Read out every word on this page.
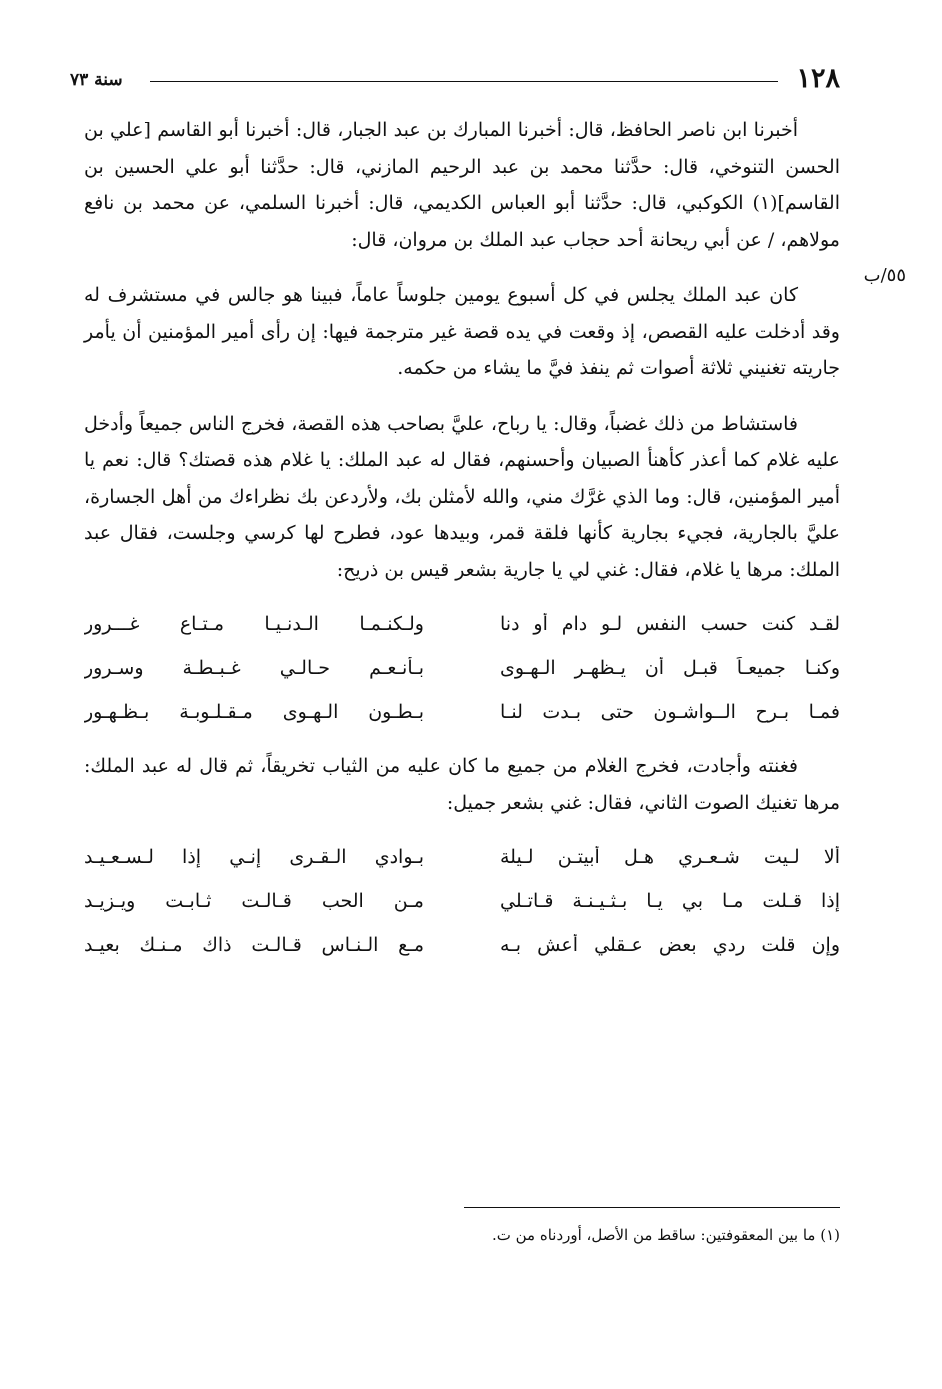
١٢٨
سنة ٧٣
٥٥/ب

أخبرنا ابن ناصر الحافظ، قال: أخبرنا المبارك بن عبد الجبار، قال: أخبرنا أبو القاسم [علي بن الحسن التنوخي، قال: حدَّثنا محمد بن عبد الرحيم المازني، قال: حدَّثنا أبو علي الحسين بن القاسم](١) الكوكبي، قال: حدَّثنا أبو العباس الكديمي، قال: أخبرنا السلمي، عن محمد بن نافع مولاهم، / عن أبي ريحانة أحد حجاب عبد الملك بن مروان، قال:

كان عبد الملك يجلس في كل أسبوع يومين جلوساً عاماً، فبينا هو جالس في مستشرف له وقد أدخلت عليه القصص، إذ وقعت في يده قصة غير مترجمة فيها: إن رأى أمير المؤمنين أن يأمر جاريته تغنيني ثلاثة أصوات ثم ينفذ فيَّ ما يشاء من حكمه.

فاستشاط من ذلك غضباً، وقال: يا رباح، عليَّ بصاحب هذه القصة، فخرج الناس جميعاً وأدخل عليه غلام كما أعذر كأهنأ الصبيان وأحسنهم، فقال له عبد الملك: يا غلام هذه قصتك؟ قال: نعم يا أمير المؤمنين، قال: وما الذي غرَّك مني، والله لأمثلن بك، ولأردعن بك نظراءك من أهل الجسارة، عليَّ بالجارية، فجيء بجارية كأنها فلقة قمر، وبيدها عود، فطرح لها كرسي وجلست، فقال عبد الملك: مرها يا غلام، فقال: غني لي يا جارية بشعر قيس بن ذريح:

لقـد كنت حسب النفس لـو دام أو دنا
ولـكنـمـا الـدنـيـا مـتـاع غـــرور
وكنـا جميعـاً قبـل أن يـظهـر الـهـوى
بـأنـعـم حـالـي غـبـطـة وسـرور
فمـا بـرح الــواشـون حتى بـدت لنـا
بـطـون الـهـوى مـقـلـوبـة بـظـهـور

فغنته وأجادت، فخرج الغلام من جميع ما كان عليه من الثياب تخريقاً، ثم قال له عبد الملك: مرها تغنيك الصوت الثاني، فقال: غني بشعر جميل:

ألا لـيت شـعـري هـل أبيتـن لـيلة
بـوادي الـقـرى إنـي إذا لـسـعـيـد
إذا قـلت مـا بي يـا بـثـيـنـة قـاتـلي
مـن الحب قـالـت ثـابـت ويـزيـد
وإن قلت ردي بعض عـقلي أعش بـه
مـع الـنـاس قـالـت ذاك مـنـك بعيـد
(١) ما بين المعقوفتين: ساقط من الأصل، أوردناه من ت.
